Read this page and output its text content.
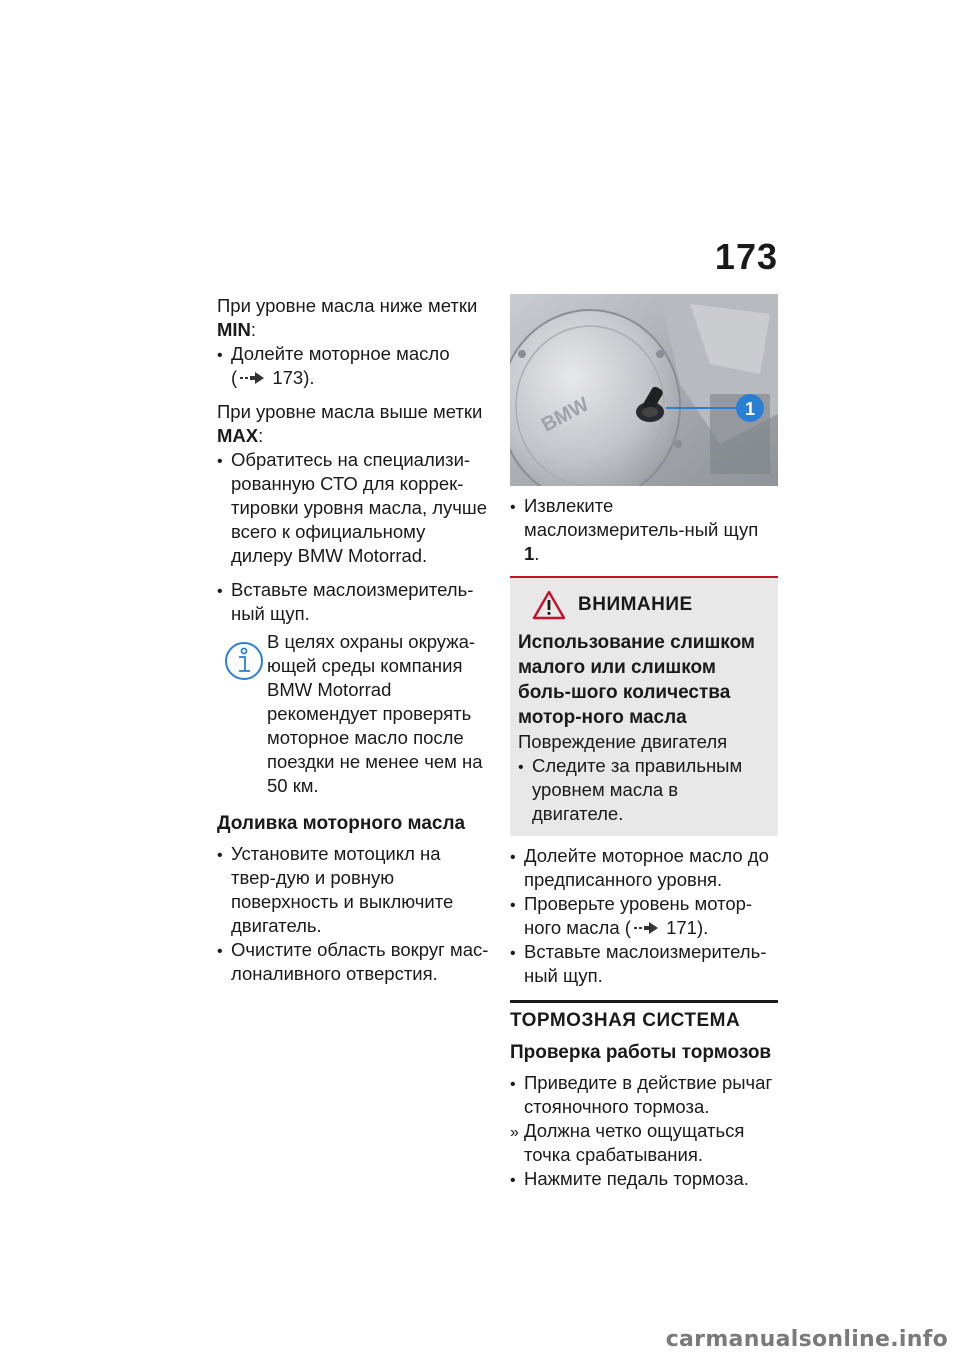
173

При уровне масла ниже метки
MIN:

•
Долейте моторное масло
( 173).

При уровне масла выше метки
MAX:

•
Обратитесь на специализи-рованную СТО для коррек-тировки уровня масла, лучше всего к официальному дилеру BMW Motorrad.
•
Вставьте маслоизмеритель-ный щуп.

В целях охраны окружа-ющей среды компания BMW Motorrad рекомендует проверять моторное масло после поездки не менее чем на 50 км.

Доливка моторного масла
•
Установите мотоцикл на твер-дую и ровную поверхность и выключите двигатель.
•
Очистите область вокруг мас-лоналивного отверстия.
BMW	1
•
Извлеките маслоизмеритель-ный щуп 1.
ВНИМАНИЕ

Использование слишком малого или слишком боль-шого количества мотор-ного масла

Повреждение двигателя

•
Следите за правильным уровнем масла в двигателе.
•
Долейте моторное масло до предписанного уровня.
•
Проверьте уровень мотор-ного масла ( 171).
•
Вставьте маслоизмеритель-ный щуп.
ТОРМОЗНАЯ СИСТЕМА
Проверка работы тормозов
•
Приведите в действие рычаг стояночного тормоза.
»
Должна четко ощущаться точка срабатывания.
•
Нажмите педаль тормоза.
carmanualsonline.info
